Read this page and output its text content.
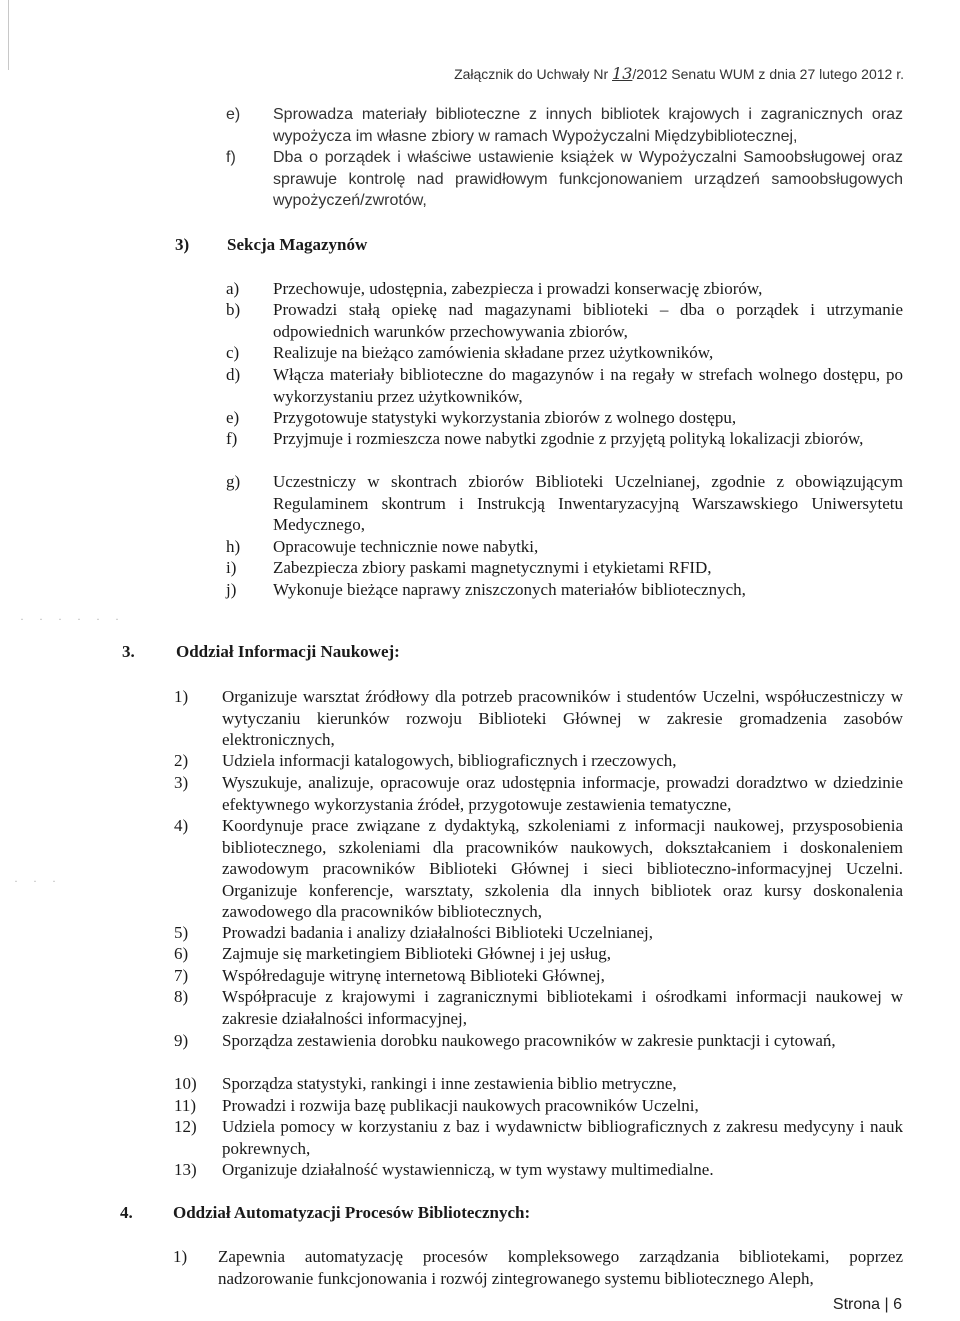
Załącznik do Uchwały Nr 13/2012 Senatu WUM z dnia 27 lutego 2012 r.
e) Sprowadza materiały biblioteczne z innych bibliotek krajowych i zagranicznych oraz wypożycza im własne zbiory w ramach Wypożyczalni Międzybibliotecznej,
f) Dba o porządek i właściwe ustawienie książek w Wypożyczalni Samoobsługowej oraz sprawuje kontrolę nad prawidłowym funkcjonowaniem urządzeń samoobsługowych wypożyczeń/zwrotów,
3) Sekcja Magazynów
a) Przechowuje, udostępnia, zabezpiecza i prowadzi konserwację zbiorów,
b) Prowadzi stałą opiekę nad magazynami biblioteki – dba o porządek i utrzymanie odpowiednich warunków przechowywania zbiorów,
c) Realizuje na bieżąco zamówienia składane przez użytkowników,
d) Włącza materiały biblioteczne do magazynów i na regały w strefach wolnego dostępu, po wykorzystaniu przez użytkowników,
e) Przygotowuje statystyki wykorzystania zbiorów z wolnego dostępu,
f) Przyjmuje i rozmieszcza nowe nabytki zgodnie z przyjętą polityką lokalizacji zbiorów,
g) Uczestniczy w skontrach zbiorów Biblioteki Uczelnianej, zgodnie z obowiązującym Regulaminem skontrum i Instrukcją Inwentaryzacyjną Warszawskiego Uniwersytetu Medycznego,
h) Opracowuje technicznie nowe nabytki,
i) Zabezpiecza zbiory paskami magnetycznymi i etykietami RFID,
j) Wykonuje bieżące naprawy zniszczonych materiałów bibliotecznych,
· · · · · ·
3. Oddział Informacji Naukowej:
1) Organizuje warsztat źródłowy dla potrzeb pracowników i studentów Uczelni, współuczestniczy w wytyczaniu kierunków rozwoju Biblioteki Głównej w zakresie gromadzenia zasobów elektronicznych,
2) Udziela informacji katalogowych, bibliograficznych i rzeczowych,
3) Wyszukuje, analizuje, opracowuje oraz udostępnia informacje, prowadzi doradztwo w dziedzinie efektywnego wykorzystania źródeł, przygotowuje zestawienia tematyczne,
4) Koordynuje prace związane z dydaktyką, szkoleniami z informacji naukowej, przysposobienia bibliotecznego, szkoleniami dla pracowników naukowych, dokształcaniem i doskonaleniem zawodowym pracowników Biblioteki Głównej i sieci biblioteczno-informacyjnej Uczelni. Organizuje konferencje, warsztaty, szkolenia dla innych bibliotek oraz kursy doskonalenia zawodowego dla pracowników bibliotecznych,
· · ·
5) Prowadzi badania i analizy działalności Biblioteki Uczelnianej,
6) Zajmuje się marketingiem Biblioteki Głównej i jej usług,
7) Współredaguje witrynę internetową Biblioteki Głównej,
8) Współpracuje z krajowymi i zagranicznymi bibliotekami i ośrodkami informacji naukowej w zakresie działalności informacyjnej,
9) Sporządza zestawienia dorobku naukowego pracowników w zakresie punktacji i cytowań,
10) Sporządza statystyki, rankingi i inne zestawienia biblio metryczne,
11) Prowadzi i rozwija bazę publikacji naukowych pracowników Uczelni,
12) Udziela pomocy w korzystaniu z baz i wydawnictw bibliograficznych z zakresu medycyny i nauk pokrewnych,
13) Organizuje działalność wystawienniczą, w tym wystawy multimedialne.
4. Oddział Automatyzacji Procesów Bibliotecznych:
1) Zapewnia automatyzację procesów kompleksowego zarządzania bibliotekami, poprzez nadzorowanie funkcjonowania i rozwój zintegrowanego systemu bibliotecznego Aleph,
Strona | 6
